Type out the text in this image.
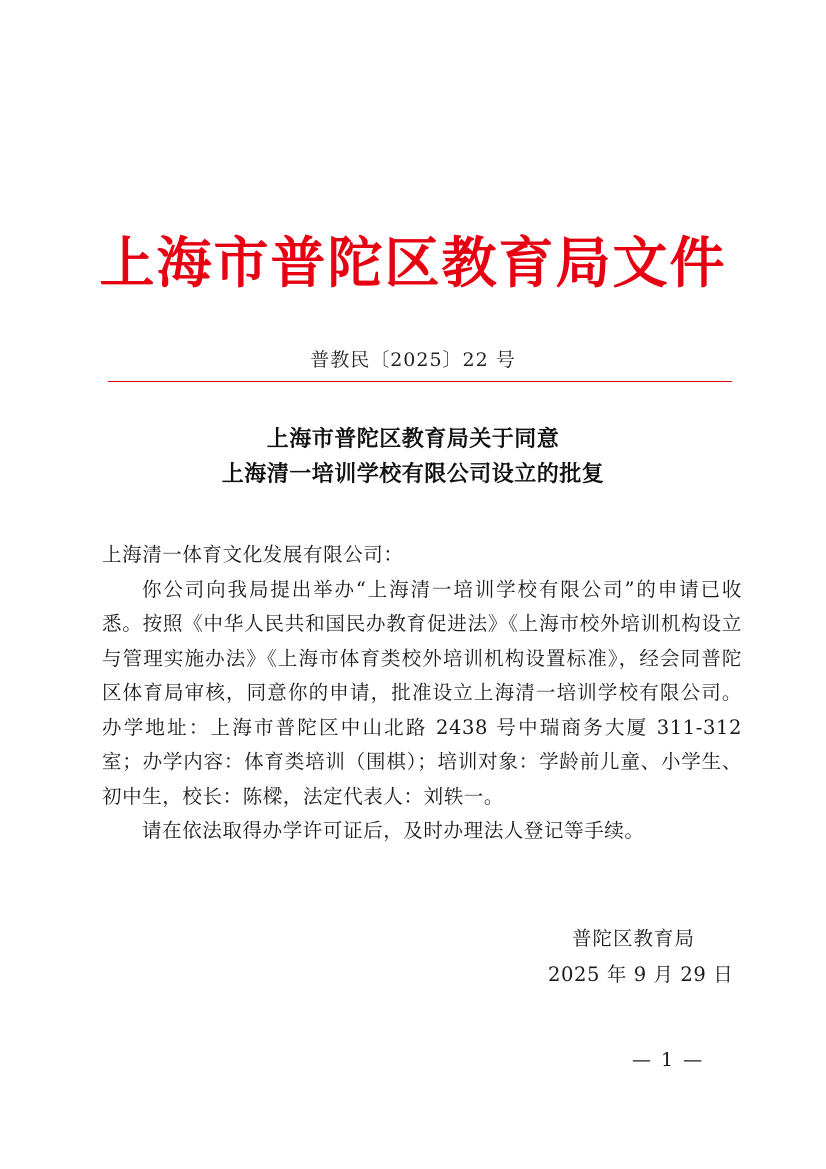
上海市普陀区教育局文件
普教民〔2025〕22 号
上海市普陀区教育局关于同意
上海清一培训学校有限公司设立的批复

上海清一体育文化发展有限公司：

你公司向我局提出举办“上海清一培训学校有限公司”的申请已收悉。按照《中华人民共和国民办教育促进法》《上海市校外培训机构设立与管理实施办法》《上海市体育类校外培训机构设置标准》，经会同普陀区体育局审核，同意你的申请，批准设立上海清一培训学校有限公司。办学地址：上海市普陀区中山北路 2438 号中瑞商务大厦 311-312 室；办学内容：体育类培训（围棋）；培训对象：学龄前儿童、小学生、初中生，校长：陈樑，法定代表人：刘轶一。

请在依法取得办学许可证后，及时办理法人登记等手续。

普陀区教育局
2025 年 9 月 29 日
— 1 —
